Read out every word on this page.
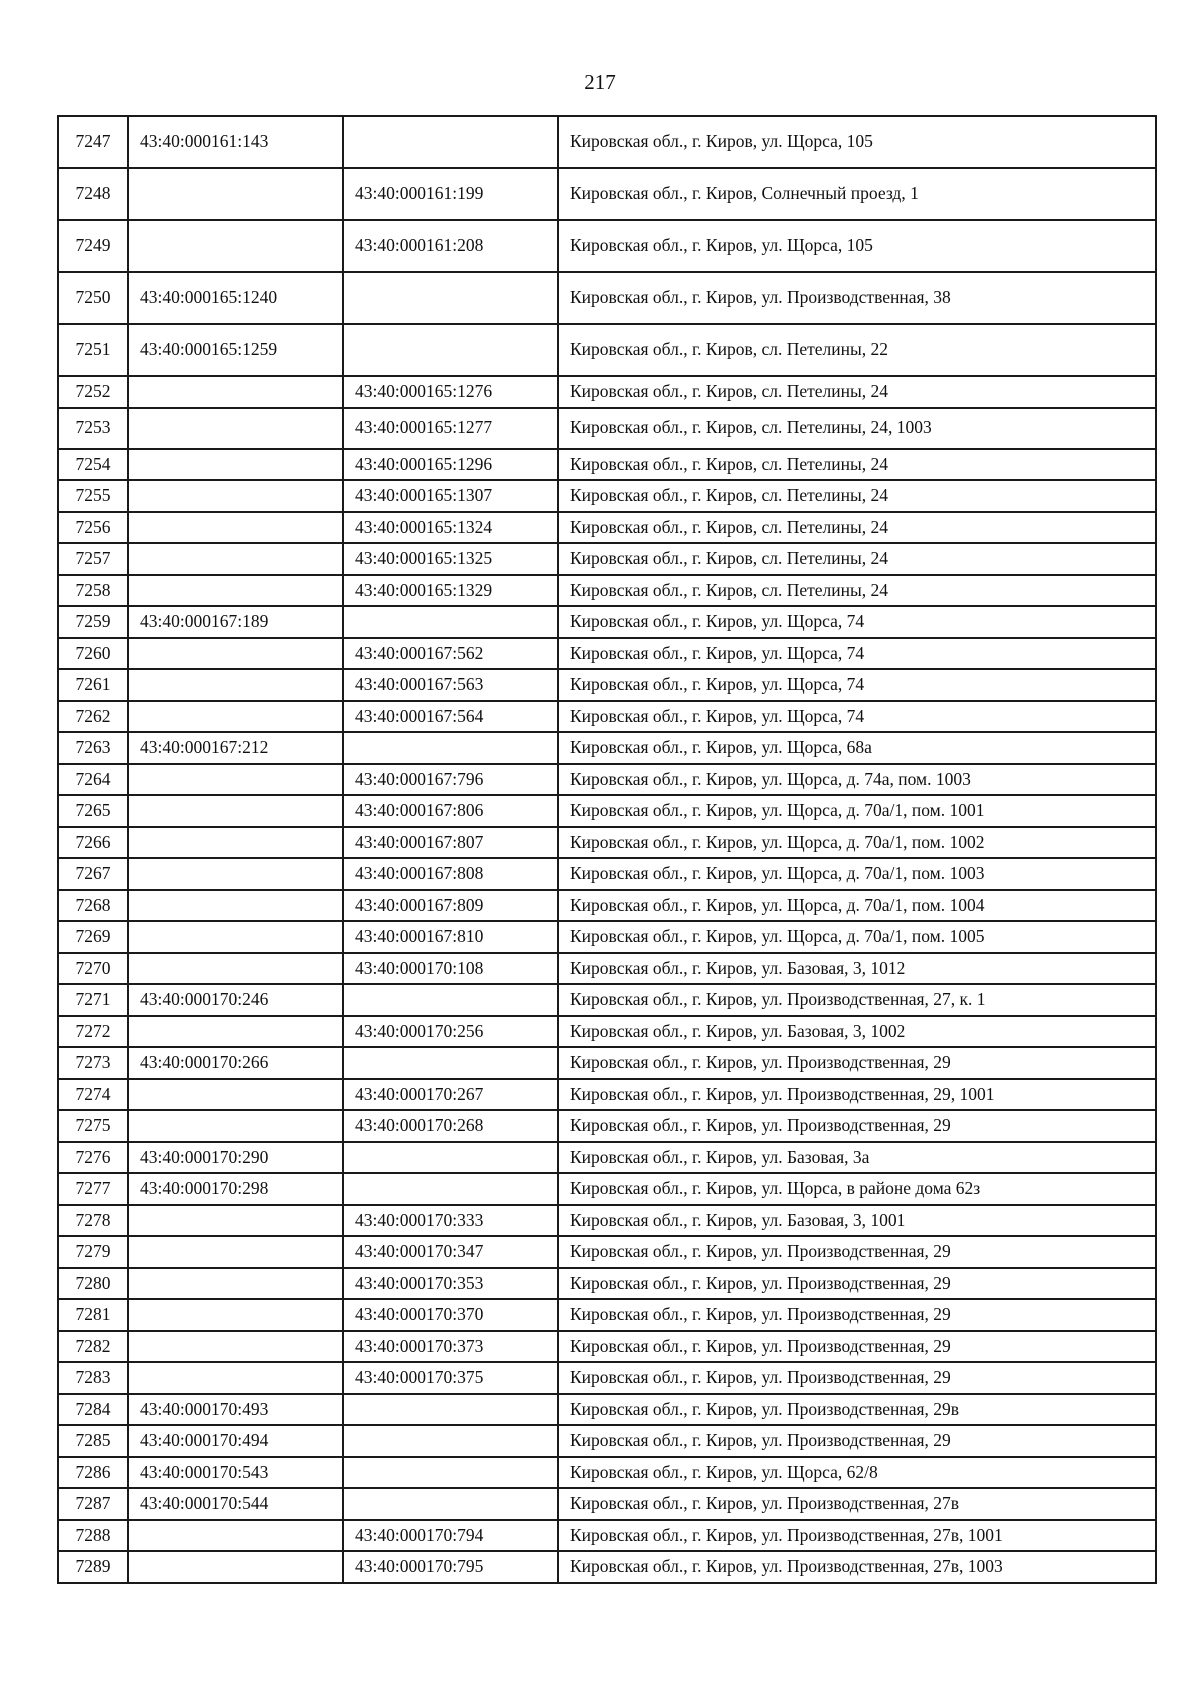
217
7247	43:40:000161:143		Кировская обл., г. Киров, ул. Щорса, 105
7248		43:40:000161:199	Кировская обл., г. Киров, Солнечный проезд, 1
7249		43:40:000161:208	Кировская обл., г. Киров, ул. Щорса, 105
7250	43:40:000165:1240		Кировская обл., г. Киров, ул. Производственная, 38
7251	43:40:000165:1259		Кировская обл., г. Киров, сл. Петелины, 22
7252		43:40:000165:1276	Кировская обл., г. Киров, сл. Петелины, 24
7253		43:40:000165:1277	Кировская обл., г. Киров, сл. Петелины, 24, 1003
7254		43:40:000165:1296	Кировская обл., г. Киров, сл. Петелины, 24
7255		43:40:000165:1307	Кировская обл., г. Киров, сл. Петелины, 24
7256		43:40:000165:1324	Кировская обл., г. Киров, сл. Петелины, 24
7257		43:40:000165:1325	Кировская обл., г. Киров, сл. Петелины, 24
7258		43:40:000165:1329	Кировская обл., г. Киров, сл. Петелины, 24
7259	43:40:000167:189		Кировская обл., г. Киров, ул. Щорса, 74
7260		43:40:000167:562	Кировская обл., г. Киров, ул. Щорса, 74
7261		43:40:000167:563	Кировская обл., г. Киров, ул. Щорса, 74
7262		43:40:000167:564	Кировская обл., г. Киров, ул. Щорса, 74
7263	43:40:000167:212		Кировская обл., г. Киров, ул. Щорса, 68а
7264		43:40:000167:796	Кировская обл., г. Киров, ул. Щорса, д. 74а, пом. 1003
7265		43:40:000167:806	Кировская обл., г. Киров, ул. Щорса, д. 70а/1, пом. 1001
7266		43:40:000167:807	Кировская обл., г. Киров, ул. Щорса, д. 70а/1, пом. 1002
7267		43:40:000167:808	Кировская обл., г. Киров, ул. Щорса, д. 70а/1, пом. 1003
7268		43:40:000167:809	Кировская обл., г. Киров, ул. Щорса, д. 70а/1, пом. 1004
7269		43:40:000167:810	Кировская обл., г. Киров, ул. Щорса, д. 70а/1, пом. 1005
7270		43:40:000170:108	Кировская обл., г. Киров, ул. Базовая, 3, 1012
7271	43:40:000170:246		Кировская обл., г. Киров, ул. Производственная, 27, к. 1
7272		43:40:000170:256	Кировская обл., г. Киров, ул. Базовая, 3, 1002
7273	43:40:000170:266		Кировская обл., г. Киров, ул. Производственная, 29
7274		43:40:000170:267	Кировская обл., г. Киров, ул. Производственная, 29, 1001
7275		43:40:000170:268	Кировская обл., г. Киров, ул. Производственная, 29
7276	43:40:000170:290		Кировская обл., г. Киров, ул. Базовая, 3а
7277	43:40:000170:298		Кировская обл., г. Киров, ул. Щорса, в районе дома 62з
7278		43:40:000170:333	Кировская обл., г. Киров, ул. Базовая, 3, 1001
7279		43:40:000170:347	Кировская обл., г. Киров, ул. Производственная, 29
7280		43:40:000170:353	Кировская обл., г. Киров, ул. Производственная, 29
7281		43:40:000170:370	Кировская обл., г. Киров, ул. Производственная, 29
7282		43:40:000170:373	Кировская обл., г. Киров, ул. Производственная, 29
7283		43:40:000170:375	Кировская обл., г. Киров, ул. Производственная, 29
7284	43:40:000170:493		Кировская обл., г. Киров, ул. Производственная, 29в
7285	43:40:000170:494		Кировская обл., г. Киров, ул. Производственная, 29
7286	43:40:000170:543		Кировская обл., г. Киров, ул. Щорса, 62/8
7287	43:40:000170:544		Кировская обл., г. Киров, ул. Производственная, 27в
7288		43:40:000170:794	Кировская обл., г. Киров, ул. Производственная, 27в, 1001
7289		43:40:000170:795	Кировская обл., г. Киров, ул. Производственная, 27в, 1003
